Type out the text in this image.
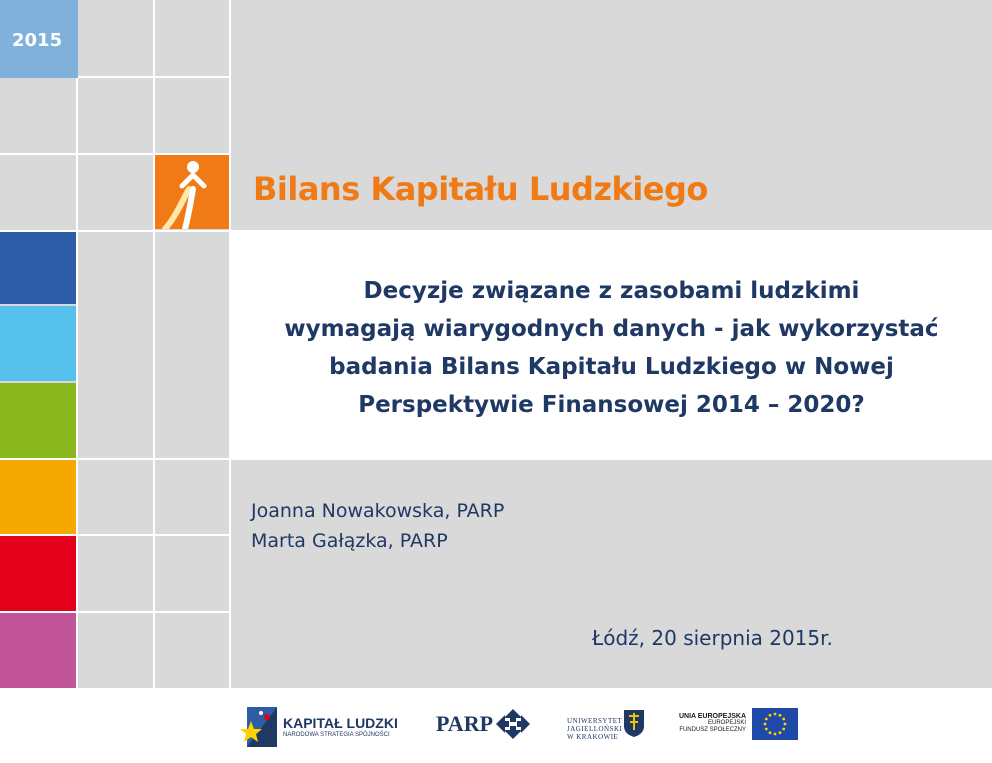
2015
Bilans Kapitału Ludzkiego
Decyzje związane z zasobami ludzkimi
wymagają wiarygodnych danych - jak wykorzystać
badania Bilans Kapitału Ludzkiego w Nowej
Perspektywie Finansowej 2014 – 2020?
Joanna Nowakowska, PARP
Marta Gałązka, PARP
Łódź, 20 sierpnia 2015r.
KAPITAŁ LUDZKI
NARODOWA STRATEGIA SPÓJNOŚCI	PARP	UNIWERSYTET
JAGIELLOŃSKI
W KRAKOWIE
UNIA EUROPEJSKA
EUROPEJSKI
FUNDUSZ SPOŁECZNY
